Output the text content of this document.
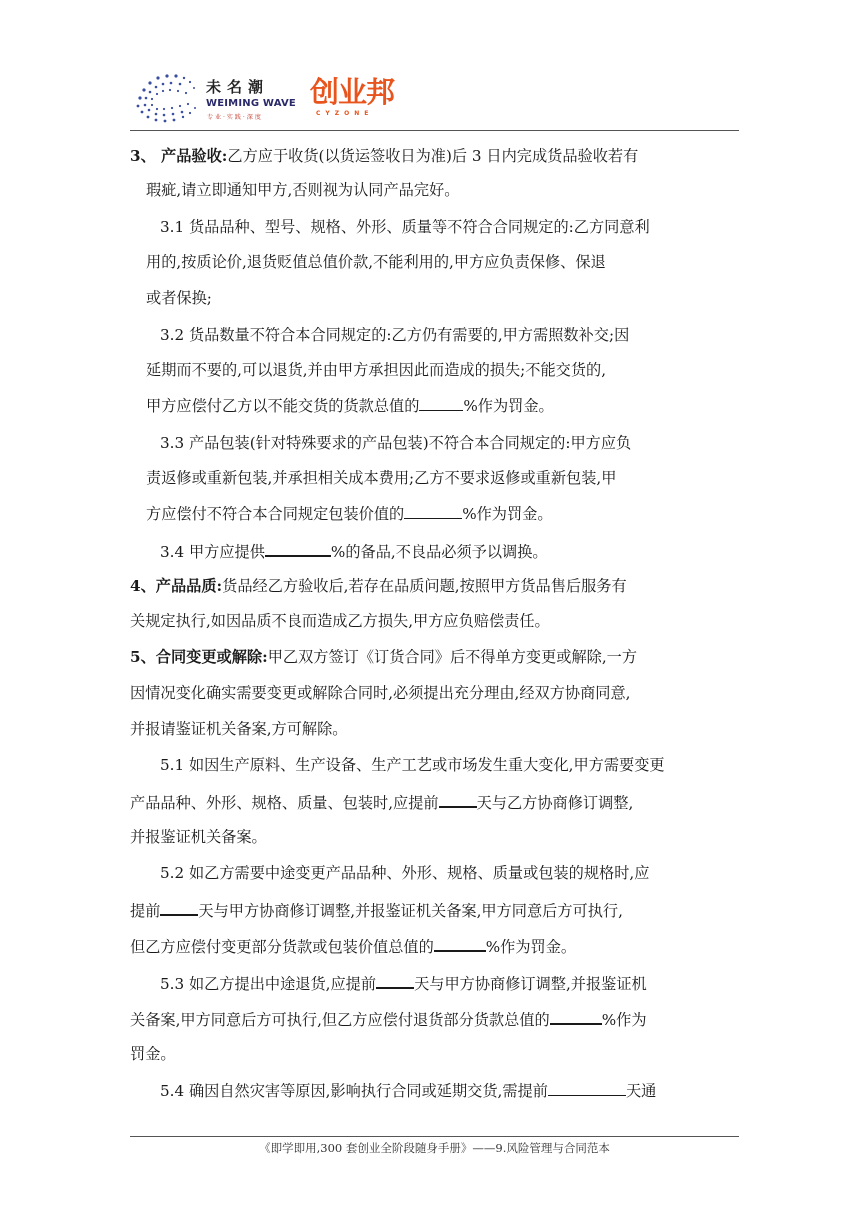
未名潮
WEIMING WAVE
专业·实践·深度
创业邦
CYZONE
3、 产品验收:乙方应于收货(以货运签收日为准)后 3 日内完成货品验收若有
瑕疵,请立即通知甲方,否则视为认同产品完好。
3.1 货品品种、型号、规格、外形、质量等不符合合同规定的:乙方同意利
用的,按质论价,退货贬值总值价款,不能利用的,甲方应负责保修、保退
或者保换;
3.2 货品数量不符合本合同规定的:乙方仍有需要的,甲方需照数补交;因
延期而不要的,可以退货,并由甲方承担因此而造成的损失;不能交货的,
甲方应偿付乙方以不能交货的货款总值的	%作为罚金。
3.3 产品包装(针对特殊要求的产品包装)不符合本合同规定的:甲方应负
责返修或重新包装,并承担相关成本费用;乙方不要求返修或重新包装,甲
方应偿付不符合本合同规定包装价值的	%作为罚金。
3.4 甲方应提供	%的备品,不良品必须予以调换。
4、产品品质:货品经乙方验收后,若存在品质问题,按照甲方货品售后服务有
关规定执行,如因品质不良而造成乙方损失,甲方应负赔偿责任。
5、合同变更或解除:甲乙双方签订《订货合同》后不得单方变更或解除,一方
因情况变化确实需要变更或解除合同时,必须提出充分理由,经双方协商同意,
并报请鉴证机关备案,方可解除。
5.1 如因生产原料、生产设备、生产工艺或市场发生重大变化,甲方需要变更
产品品种、外形、规格、质量、包装时,应提前	天与乙方协商修订调整,
并报鉴证机关备案。
5.2 如乙方需要中途变更产品品种、外形、规格、质量或包装的规格时,应
提前	天与甲方协商修订调整,并报鉴证机关备案,甲方同意后方可执行,
但乙方应偿付变更部分货款或包装价值总值的	%作为罚金。
5.3 如乙方提出中途退货,应提前	天与甲方协商修订调整,并报鉴证机
关备案,甲方同意后方可执行,但乙方应偿付退货部分货款总值的	%作为
罚金。
5.4 确因自然灾害等原因,影响执行合同或延期交货,需提前	天通
《即学即用,300 套创业全阶段随身手册》——9.风险管理与合同范本
